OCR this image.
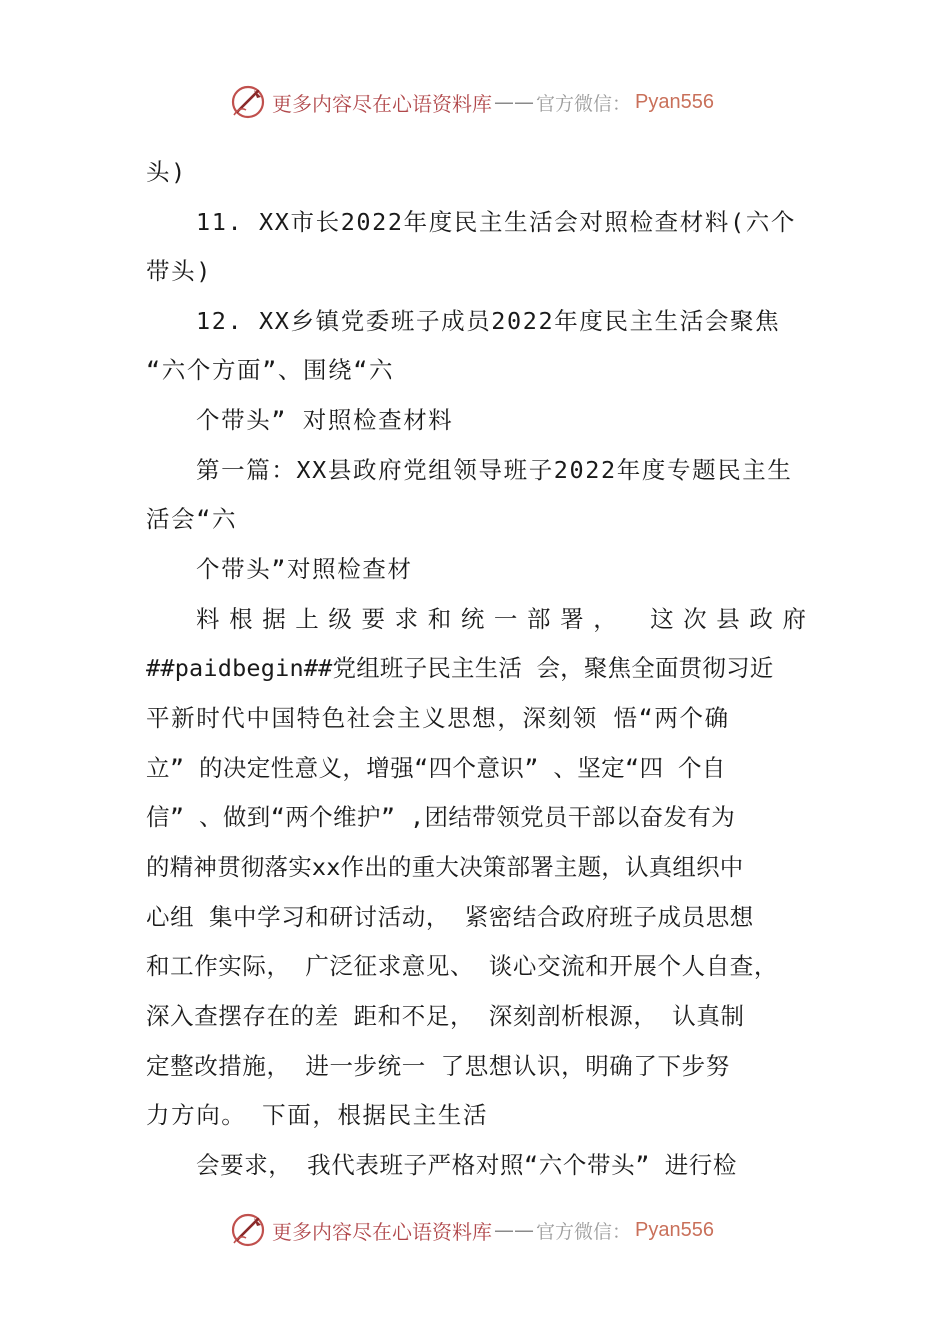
更多内容尽在心语资料库 —— 官方微信： Pyan556
头)
11. XX市长2022年度民主生活会对照检查材料(六个
带头)
12. XX乡镇党委班子成员2022年度民主生活会聚焦
“六个方面”、围绕“六
个带头” 对照检查材料
第一篇：XX县政府党组领导班子2022年度专题民主生
活会“六
个带头”对照检查材
料根据上级要求和统一部署， 这次县政府
##paidbegin##党组班子民主生活 会，聚焦全面贯彻习近
平新时代中国特色社会主义思想，深刻领 悟“两个确
立” 的决定性意义，增强“四个意识” 、坚定“四 个自
信” 、做到“两个维护” ,团结带领党员干部以奋发有为
的精神贯彻落实xx作出的重大决策部署主题，认真组织中
心组 集中学习和研讨活动， 紧密结合政府班子成员思想
和工作实际， 广泛征求意见、 谈心交流和开展个人自查，
深入查摆存在的差 距和不足， 深刻剖析根源， 认真制
定整改措施， 进一步统一 了思想认识，明确了下步努
力方向。 下面，根据民主生活
会要求， 我代表班子严格对照“六个带头” 进行检
更多内容尽在心语资料库 —— 官方微信： Pyan556
